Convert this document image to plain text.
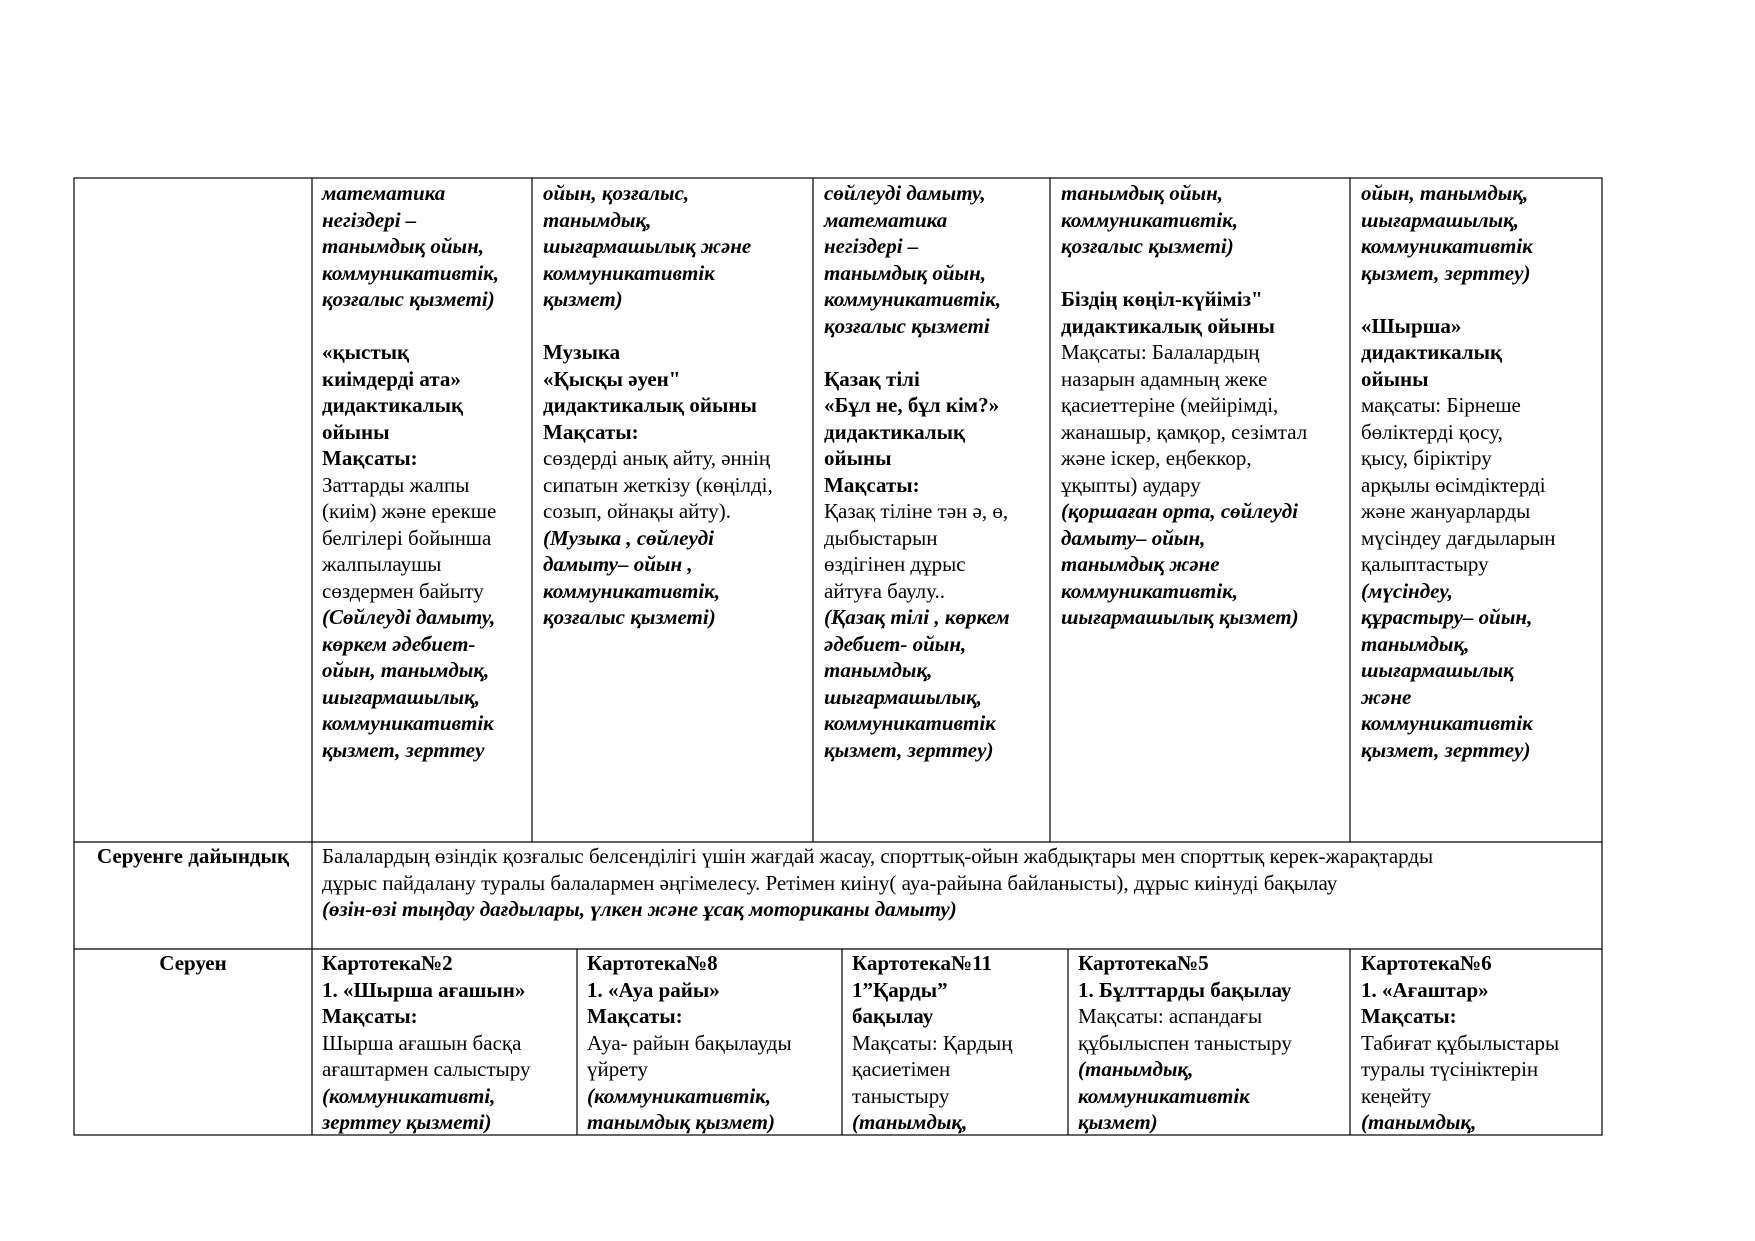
математика
негіздері –
танымдық ойын,
коммуникативтік,
қозғалыс қызметі)

«қыстық
киімдерді ата»
дидактикалық
ойыны
Мақсаты:
Заттарды жалпы
(киім) және ерекше
белгілері бойынша
жалпылаушы
сөздермен байыту
(Сөйлеуді дамыту,
көркем әдебиет-
ойын, танымдық,
шығармашылық,
коммуникативтік
қызмет, зерттеу
ойын, қозғалыс,
танымдық,
шығармашылық және
коммуникативтік
қызмет)

Музыка
«Қысқы әуен"
дидактикалық ойыны
Мақсаты:
сөздерді анық айту, әннің
сипатын жеткізу (көңілді,
созып, ойнақы айту).
(Музыка , сөйлеуді
дамыту– ойын ,
коммуникативтік,
қозғалыс қызметі)
сөйлеуді дамыту,
математика
негіздері –
танымдық ойын,
коммуникативтік,
қозғалыс қызметі

Қазақ тілі
«Бұл не, бұл кім?»
дидактикалық
ойыны
Мақсаты:
Қазақ тіліне тән ә, ө,
дыбыстарын
өздігінен дұрыс
айтуға баулу..
(Қазақ тілі , көркем
әдебиет- ойын,
танымдық,
шығармашылық,
коммуникативтік
қызмет, зерттеу)
танымдық ойын,
коммуникативтік,
қозғалыс қызметі)

Біздің көңіл-күйіміз"
дидактикалық ойыны
Мақсаты: Балалардың
назарын адамның жеке
қасиеттеріне (мейірімді,
жанашыр, қамқор, сезімтал
және іскер, еңбеккор,
ұқыпты) аудару
(қоршаған орта, сөйлеуді
дамыту– ойын,
танымдық және
коммуникативтік,
шығармашылық қызмет)
ойын, танымдық,
шығармашылық,
коммуникативтік
қызмет, зерттеу)

«Шырша»
дидактикалық
ойыны
мақсаты: Бірнеше
бөліктерді қосу,
қысу, біріктіру
арқылы өсімдіктерді
және жануарларды
мүсіндеу дағдыларын
қалыптастыру
(мүсіндеу,
құрастыру– ойын,
танымдық,
шығармашылық
және
коммуникативтік
қызмет, зерттеу)
Серуенге дайындық	Балалардың өзіндік қозғалыс белсенділігі үшін жағдай жасау, спорттық-ойын жабдықтары мен спорттық керек-жарақтарды
дұрыс пайдалану туралы балалармен әңгімелесу. Ретімен киіну( ауа-райына байланысты), дұрыс киінуді бақылау
(өзін-өзі тыңдау дағдылары, үлкен және ұсақ моториканы дамыту)
Серуен	Картотека№2
1. «Шырша ағашын»
Мақсаты:
Шырша ағашын басқа
ағаштармен салыстыру
(коммуникативті,
зерттеу қызметі)
Картотека№8
1. «Ауа райы»
Мақсаты:
Ауа- райын бақылауды
үйрету
(коммуникативтік,
танымдық қызмет)
Картотека№11
1”Қарды”
бақылау
Мақсаты: Қардың
қасиетімен
таныстыру
(танымдық,
Картотека№5
1. Бұлттарды бақылау
Мақсаты: аспандағы
құбылыспен таныстыру
(танымдық,
коммуникативтік
қызмет)
Картотека№6
1. «Ағаштар»
Мақсаты:
Табиғат құбылыстары
туралы түсініктерін
кеңейту
(танымдық,
